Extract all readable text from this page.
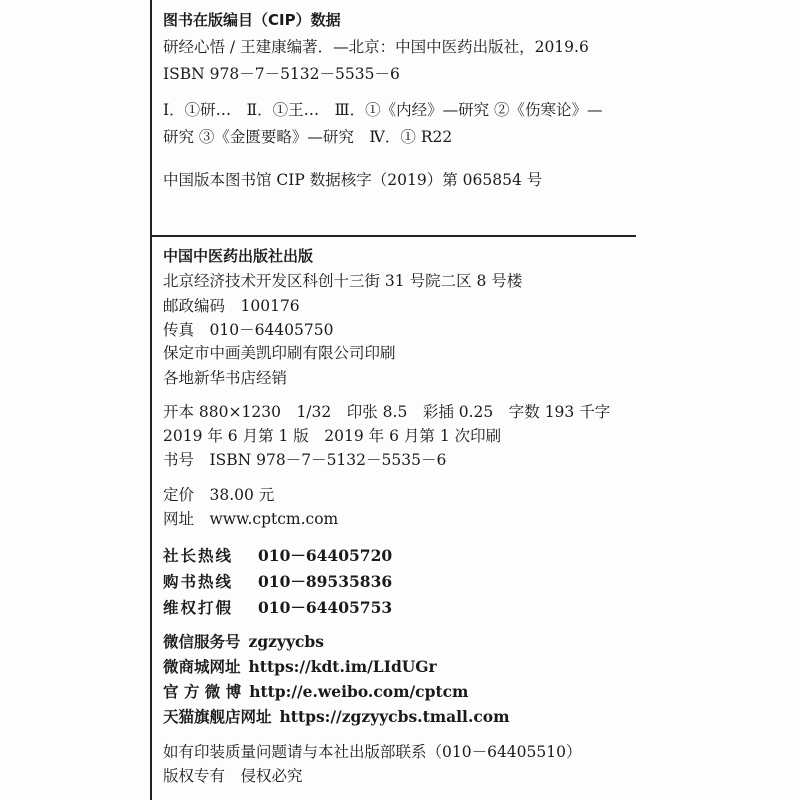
图书在版编目（CIP）数据
研经心悟 / 王建康编著．—北京：中国中医药出版社，2019.6
ISBN 978－7－5132－5535－6
Ⅰ．①研…　Ⅱ．①王…　Ⅲ．①《内经》—研究 ②《伤寒论》—
研究 ③《金匮要略》—研究　Ⅳ．① R22
中国版本图书馆 CIP 数据核字（2019）第 065854 号
中国中医药出版社出版
北京经济技术开发区科创十三街 31 号院二区 8 号楼
邮政编码　100176
传真　010－64405750
保定市中画美凯印刷有限公司印刷
各地新华书店经销
开本 880×1230　1/32　印张 8.5　彩插 0.25　字数 193 千字
2019 年 6 月第 1 版　2019 年 6 月第 1 次印刷
书号　ISBN 978－7－5132－5535－6
定价　38.00 元
网址　www.cptcm.com
社长热线 010－64405720
购书热线 010－89535836
维权打假 010－64405753
微信服务号 zgzyycbs
微商城网址 https://kdt.im/LIdUGr
官 方 微 博 http://e.weibo.com/cptcm
天猫旗舰店网址 https://zgzyycbs.tmall.com
如有印装质量问题请与本社出版部联系（010－64405510）
版权专有　侵权必究
